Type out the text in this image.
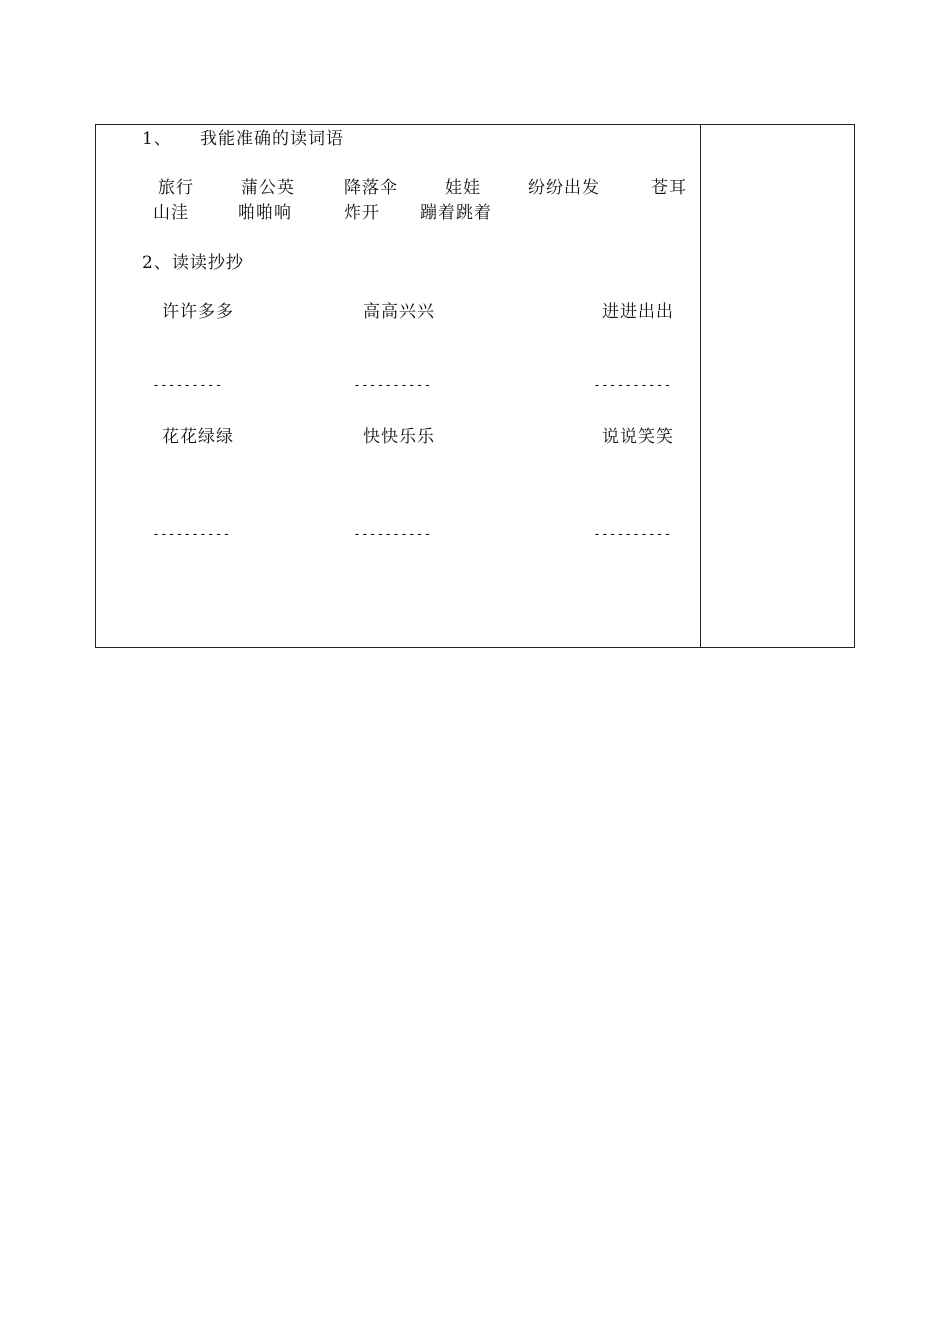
1、 我能准确的读词语
旅行	蒲公英	降落伞	娃娃	纷纷出发	苍耳
山洼	啪啪响	炸开 蹦着跳着
2、读读抄抄
许许多多	高高兴兴	进进出出
---------	----------	----------
花花绿绿	快快乐乐	说说笑笑
----------	----------	----------
